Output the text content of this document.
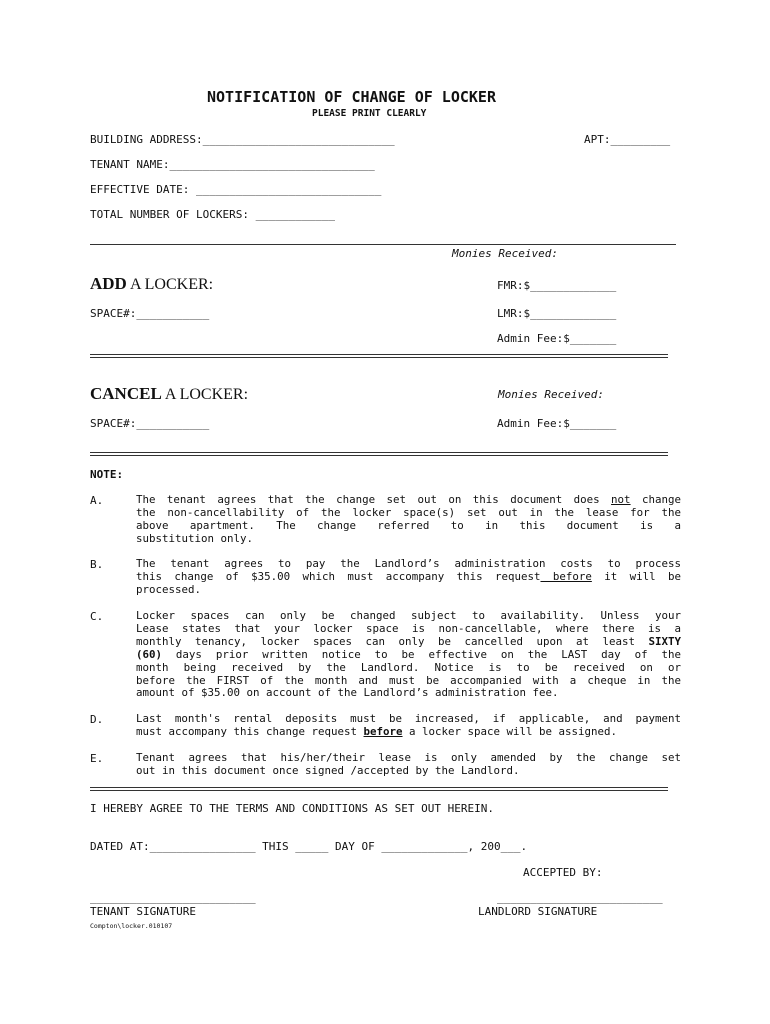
NOTIFICATION OF CHANGE OF LOCKER
PLEASE PRINT CLEARLY
BUILDING ADDRESS:_____________________________	APT:_________
TENANT NAME:_______________________________
EFFECTIVE DATE: ____________________________
TOTAL NUMBER OF LOCKERS: ____________
Monies Received:
ADD A LOCKER:	FMR:$_____________
SPACE#:___________	LMR:$_____________
Admin Fee:$_______
CANCEL A LOCKER:	Monies Received:
SPACE#:___________	Admin Fee:$_______
NOTE:
A.	The tenant agrees that the change set out on this document does not change
the non-cancellability of the locker space(s) set out in the lease for the
above apartment. The change referred to in this document is a
substitution only.
B.	The tenant agrees to pay the Landlord’s administration costs to process
this change of $35.00 which must accompany this request before it will be
processed.
C.	Locker spaces can only be changed subject to availability. Unless your
Lease states that your locker space is non-cancellable, where there is a
monthly tenancy, locker spaces can only be cancelled upon at least SIXTY
(60) days prior written notice to be effective on the LAST day of the
month being received by the Landlord. Notice is to be received on or
before the FIRST of the month and must be accompanied with a cheque in the
amount of $35.00 on account of the Landlord’s administration fee.
D.	Last month's rental deposits must be increased, if applicable, and payment
must accompany this change request before a locker space will be assigned.
E.	Tenant agrees that his/her/their lease is only amended by the change set
out in this document once signed /accepted by the Landlord.
I HEREBY AGREE TO THE TERMS AND CONDITIONS AS SET OUT HEREIN.
DATED AT:________________ THIS _____ DAY OF _____________, 200___.
ACCEPTED BY:
_________________________	_________________________
TENANT SIGNATURE	LANDLORD SIGNATURE
Compton\locker.010107
